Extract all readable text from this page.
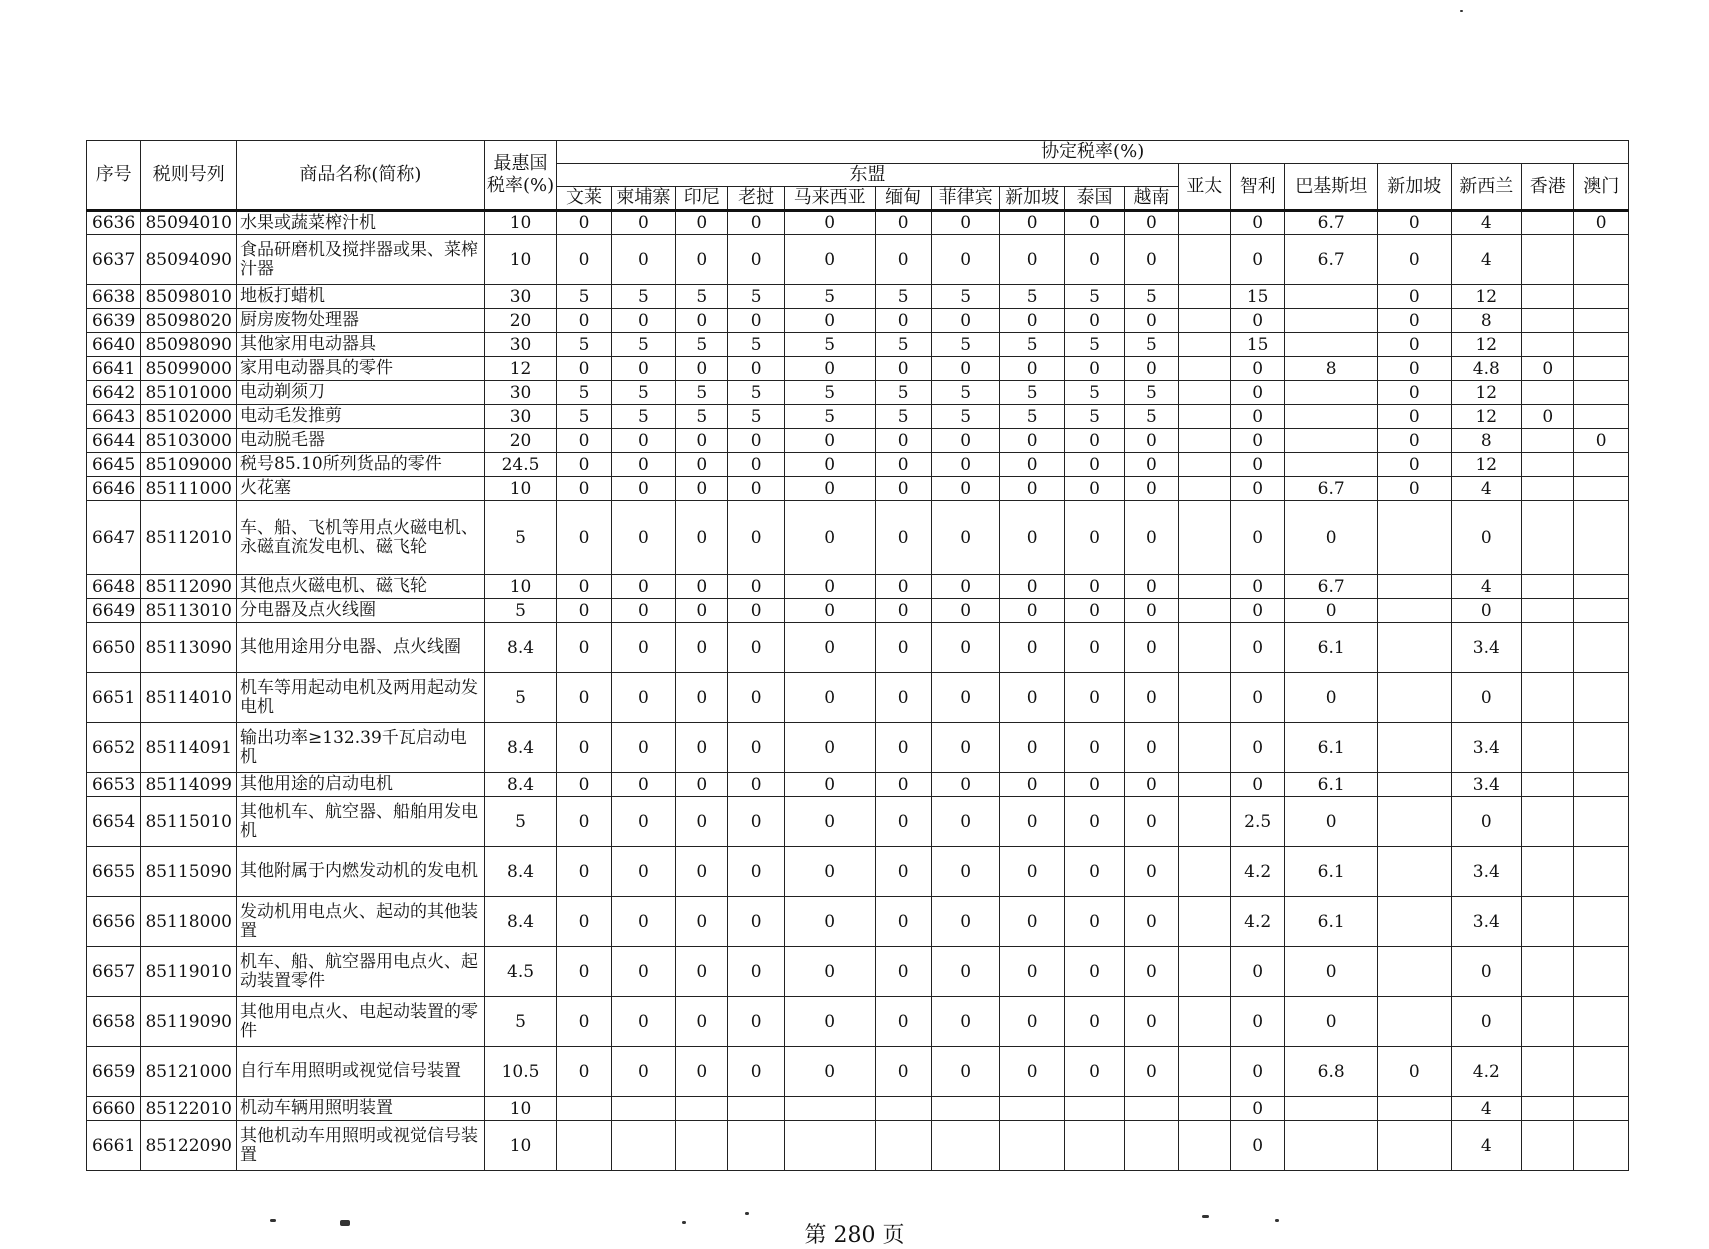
序号	税则号列	商品名称(简称)	最惠国税率(%)	协定税率(%)																
				东盟										亚太	智利	巴基斯坦	新加坡	新西兰	香港	澳门
				文莱	柬埔寨	印尼	老挝	马来西亚	缅甸	菲律宾	新加坡	泰国	越南							
6636	85094010	水果或蔬菜榨汁机	10	0	0	0	0	0	0	0	0	0	0		0	6.7	0	4		0
6637	85094090	食品研磨机及搅拌器或果、菜榨汁器	10	0	0	0	0	0	0	0	0	0	0		0	6.7	0	4		
6638	85098010	地板打蜡机	30	5	5	5	5	5	5	5	5	5	5		15		0	12		
6639	85098020	厨房废物处理器	20	0	0	0	0	0	0	0	0	0	0		0		0	8		
6640	85098090	其他家用电动器具	30	5	5	5	5	5	5	5	5	5	5		15		0	12		
6641	85099000	家用电动器具的零件	12	0	0	0	0	0	0	0	0	0	0		0	8	0	4.8	0	
6642	85101000	电动剃须刀	30	5	5	5	5	5	5	5	5	5	5		0		0	12		
6643	85102000	电动毛发推剪	30	5	5	5	5	5	5	5	5	5	5		0		0	12	0	
6644	85103000	电动脱毛器	20	0	0	0	0	0	0	0	0	0	0		0		0	8		0
6645	85109000	税号85.10所列货品的零件	24.5	0	0	0	0	0	0	0	0	0	0		0		0	12		
6646	85111000	火花塞	10	0	0	0	0	0	0	0	0	0	0		0	6.7	0	4		
6647	85112010	车、船、飞机等用点火磁电机、永磁直流发电机、磁飞轮	5	0	0	0	0	0	0	0	0	0	0		0	0		0		
6648	85112090	其他点火磁电机、磁飞轮	10	0	0	0	0	0	0	0	0	0	0		0	6.7		4		
6649	85113010	分电器及点火线圈	5	0	0	0	0	0	0	0	0	0	0		0	0		0		
6650	85113090	其他用途用分电器、点火线圈	8.4	0	0	0	0	0	0	0	0	0	0		0	6.1		3.4		
6651	85114010	机车等用起动电机及两用起动发电机	5	0	0	0	0	0	0	0	0	0	0		0	0		0		
6652	85114091	输出功率≥132.39千瓦启动电机	8.4	0	0	0	0	0	0	0	0	0	0		0	6.1		3.4		
6653	85114099	其他用途的启动电机	8.4	0	0	0	0	0	0	0	0	0	0		0	6.1		3.4		
6654	85115010	其他机车、航空器、船舶用发电机	5	0	0	0	0	0	0	0	0	0	0		2.5	0		0		
6655	85115090	其他附属于内燃发动机的发电机	8.4	0	0	0	0	0	0	0	0	0	0		4.2	6.1		3.4		
6656	85118000	发动机用电点火、起动的其他装置	8.4	0	0	0	0	0	0	0	0	0	0		4.2	6.1		3.4		
6657	85119010	机车、船、航空器用电点火、起动装置零件	4.5	0	0	0	0	0	0	0	0	0	0		0	0		0		
6658	85119090	其他用电点火、电起动装置的零件	5	0	0	0	0	0	0	0	0	0	0		0	0		0		
6659	85121000	自行车用照明或视觉信号装置	10.5	0	0	0	0	0	0	0	0	0	0		0	6.8	0	4.2		
6660	85122010	机动车辆用照明装置	10												0			4		
6661	85122090	其他机动车用照明或视觉信号装置	10												0			4		
第 280 页
